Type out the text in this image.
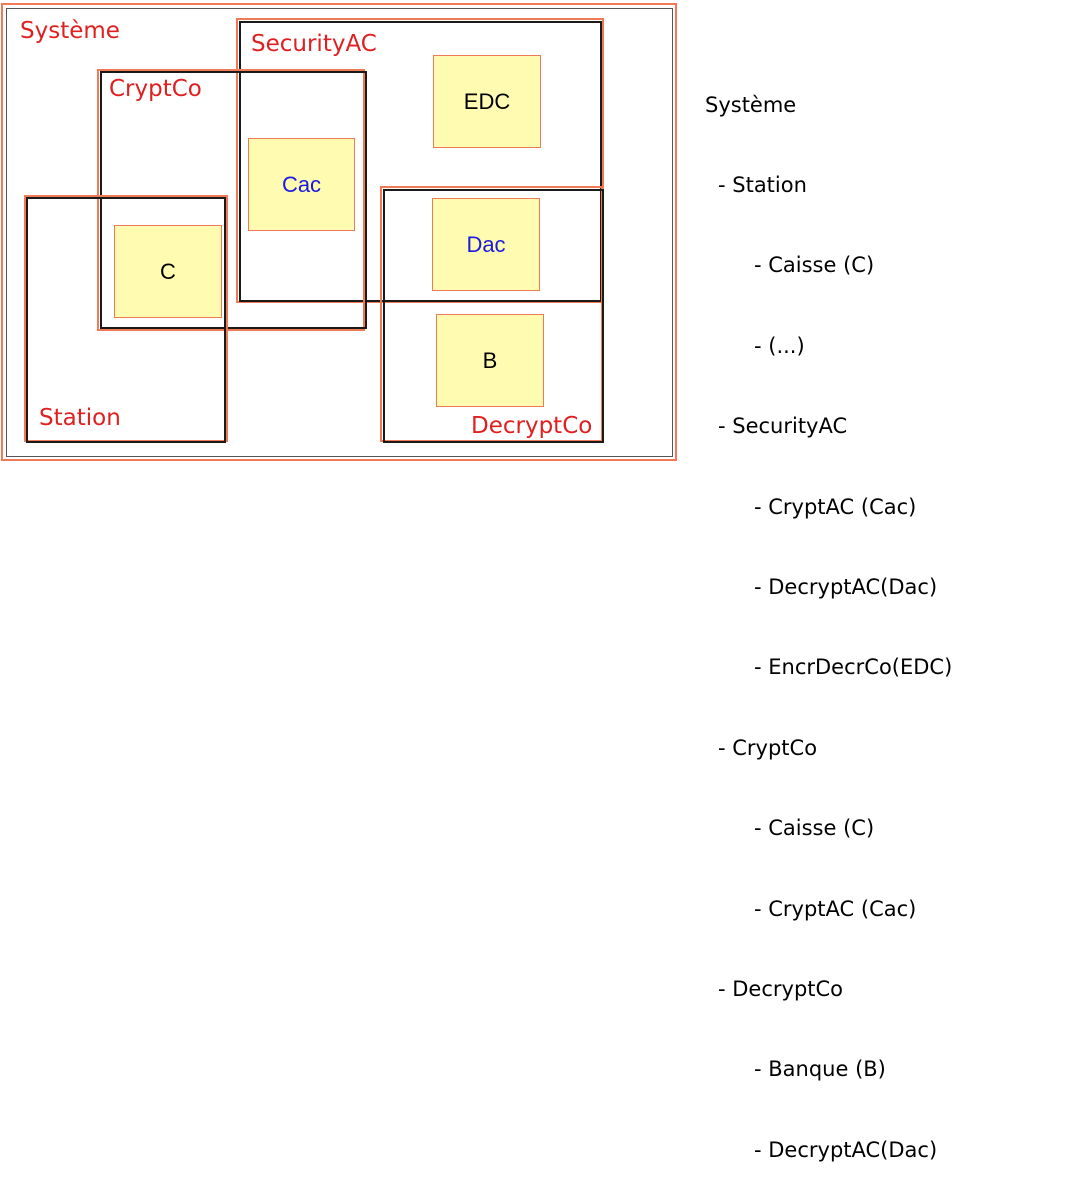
EDC
Cac
Dac
C
B
Système	SecurityAC
CryptCo
Station	DecryptCo

Système

- Station

- Caisse (C)

- (...)

- SecurityAC

- CryptAC (Cac)

- DecryptAC(Dac)

- EncrDecrCo(EDC)

- CryptCo

- Caisse (C)

- CryptAC (Cac)

- DecryptCo

- Banque (B)

- DecryptAC(Dac)
